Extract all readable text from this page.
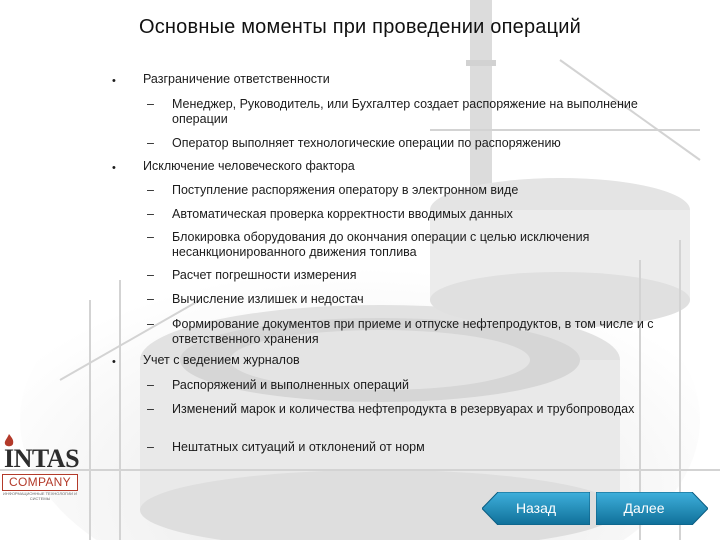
Основные моменты при проведении операций
• Разграничение ответственности
– Менеджер, Руководитель, или Бухгалтер создает распоряжение на выполнение операции
– Оператор выполняет технологические операции по распоряжению
• Исключение человеческого фактора
– Поступление распоряжения оператору в электронном виде
– Автоматическая проверка корректности вводимых данных
– Блокировка оборудования до окончания операции с целью исключения несанкционированного движения топлива
– Расчет погрешности измерения
– Вычисление излишек и недостач
– Формирование документов при приеме и отпуске нефтепродуктов, в том числе и с ответственного хранения
• Учет с ведением журналов
– Распоряжений и выполненных операций
– Изменений марок и количества нефтепродукта в резервуарах и трубопроводах
– Нештатных ситуаций и отклонений от норм
INTAS
COMPANY
ИНФОРМАЦИОННЫЕ ТЕХНОЛОГИИ И СИСТЕМЫ
Назад	Далее
